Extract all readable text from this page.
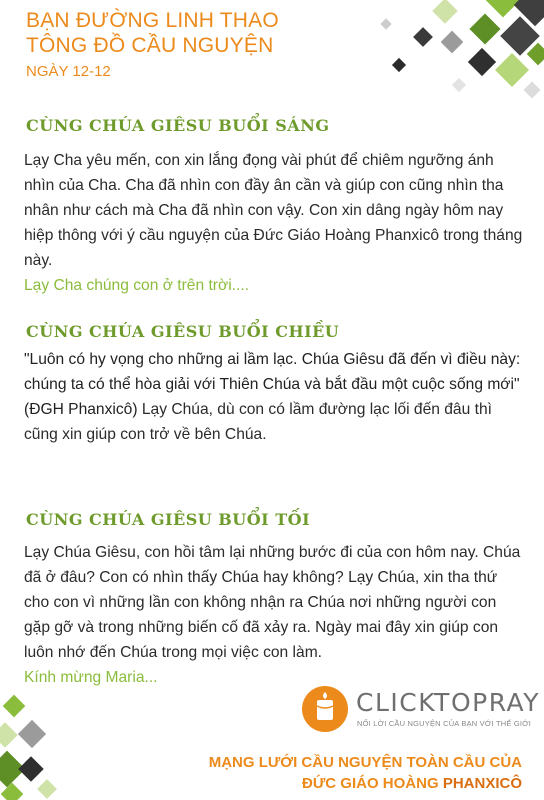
BẠN ĐƯỜNG LINH THAO
TÔNG ĐỒ CẦU NGUYỆN
NGÀY 12-12
CÙNG CHÚA GIÊSU BUỔI SÁNG
Lạy Cha yêu mến, con xin lắng đọng vài phút để chiêm ngưỡng ánh nhìn của Cha. Cha đã nhìn con đầy ân cần và giúp con cũng nhìn tha nhân như cách mà Cha đã nhìn con vậy. Con xin dâng ngày hôm nay hiệp thông với ý cầu nguyện của Đức Giáo Hoàng Phanxicô trong tháng này.
Lạy Cha chúng con ở trên trời....
CÙNG CHÚA GIÊSU BUỔI CHIỀU
"Luôn có hy vọng cho những ai lầm lạc. Chúa Giêsu đã đến vì điều này: chúng ta có thể hòa giải với Thiên Chúa và bắt đầu một cuộc sống mới" (ĐGH Phanxicô) Lạy Chúa, dù con có lầm đường lạc lối đến đâu thì cũng xin giúp con trở về bên Chúa.
CÙNG CHÚA GIÊSU BUỔI TỐI
Lạy Chúa Giêsu, con hồi tâm lại những bước đi của con hôm nay. Chúa đã ở đâu? Con có nhìn thấy Chúa hay không? Lạy Chúa, xin tha thứ cho con vì những lần con không nhận ra Chúa nơi những người con gặp gỡ và trong những biến cố đã xảy ra. Ngày mai đây xin giúp con luôn nhớ đến Chúa trong mọi việc con làm.
Kính mừng Maria...
CLICKTOPRAY
NỐI LỜI CẦU NGUYỆN CỦA BẠN VỚI THẾ GIỚI
MẠNG LƯỚI CẦU NGUYỆN TOÀN CẦU CỦA
ĐỨC GIÁO HOÀNG PHANXICÔ
